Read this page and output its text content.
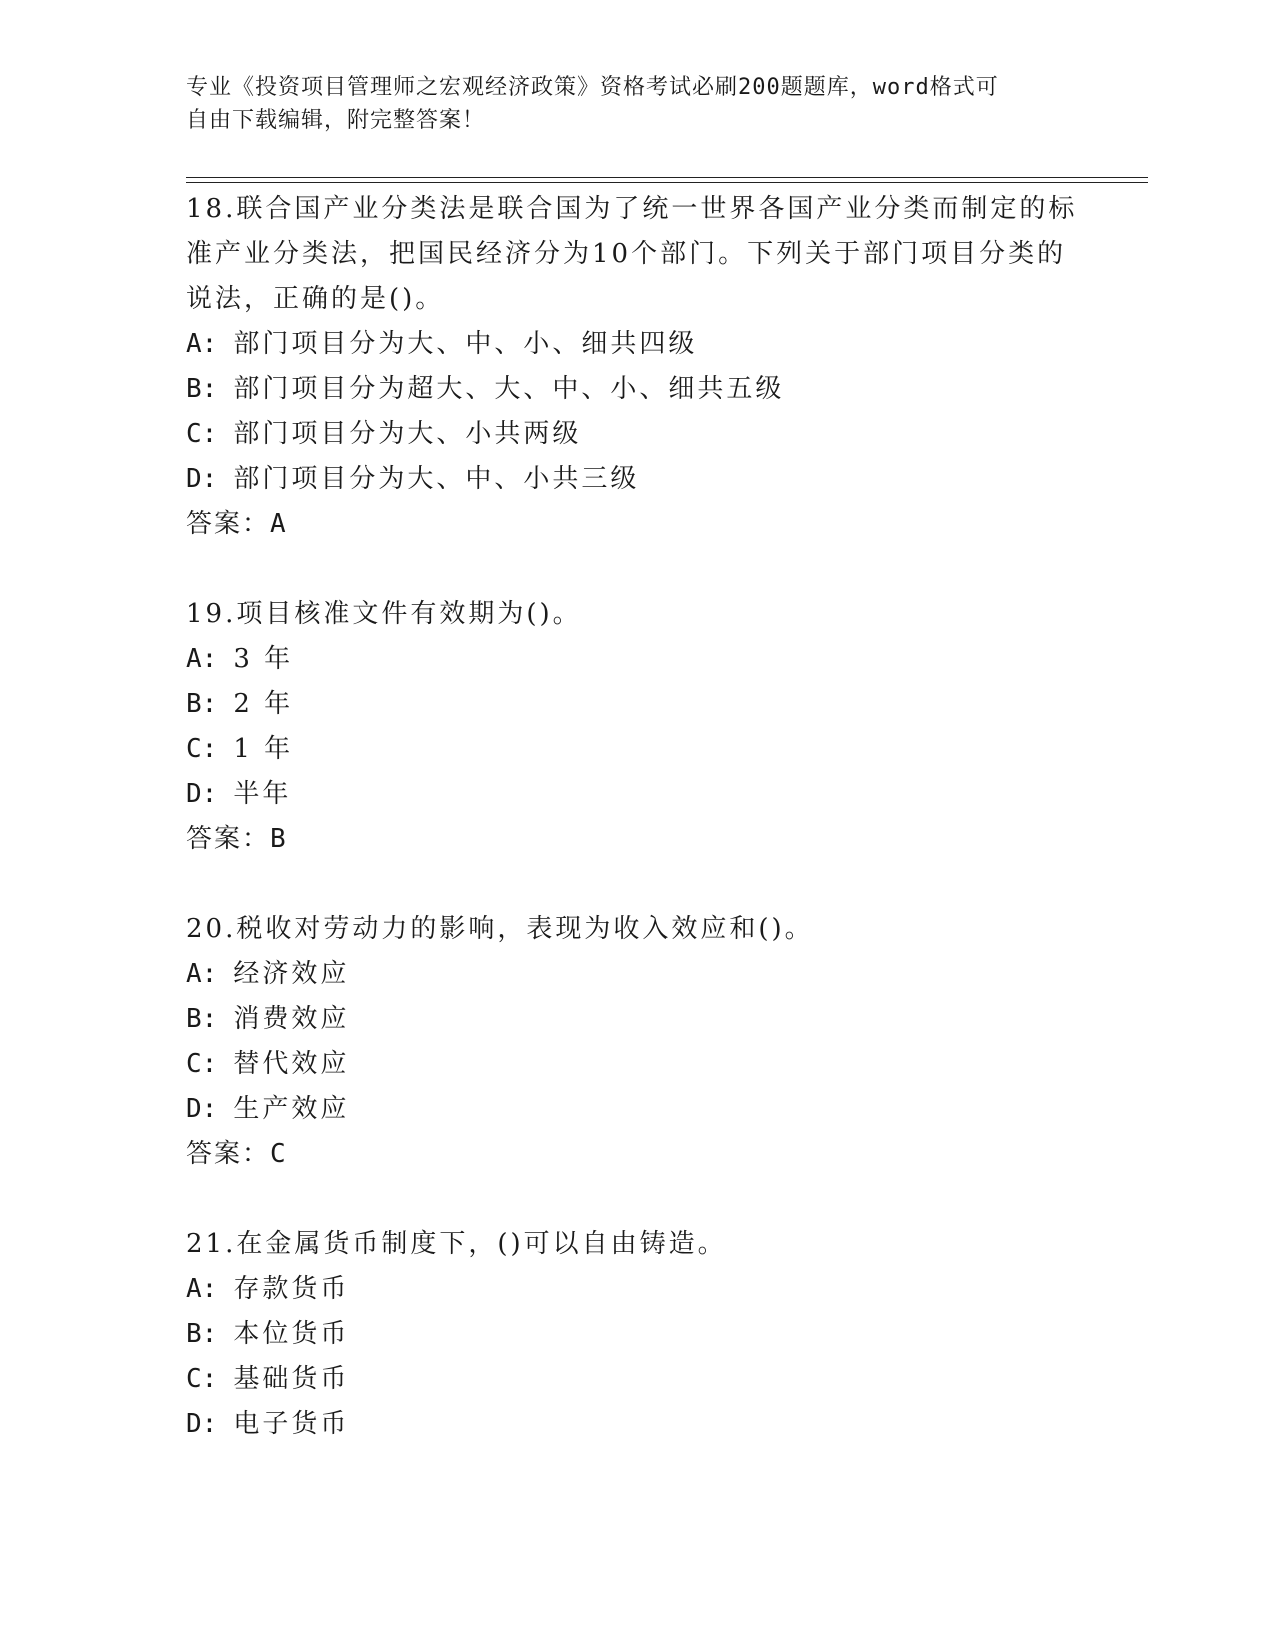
专业《投资项目管理师之宏观经济政策》资格考试必刷200题题库，word格式可
自由下载编辑，附完整答案！
18.联合国产业分类法是联合国为了统一世界各国产业分类而制定的标
准产业分类法，把国民经济分为10个部门。下列关于部门项目分类的
说法，正确的是()。
A: 部门项目分为大、中、小、细共四级
B: 部门项目分为超大、大、中、小、细共五级
C: 部门项目分为大、小共两级
D: 部门项目分为大、中、小共三级
答案：A
19.项目核准文件有效期为()。
A: 3 年
B: 2 年
C: 1 年
D: 半年
答案：B
20.税收对劳动力的影响，表现为收入效应和()。
A: 经济效应
B: 消费效应
C: 替代效应
D: 生产效应
答案：C
21.在金属货币制度下，()可以自由铸造。
A: 存款货币
B: 本位货币
C: 基础货币
D: 电子货币
